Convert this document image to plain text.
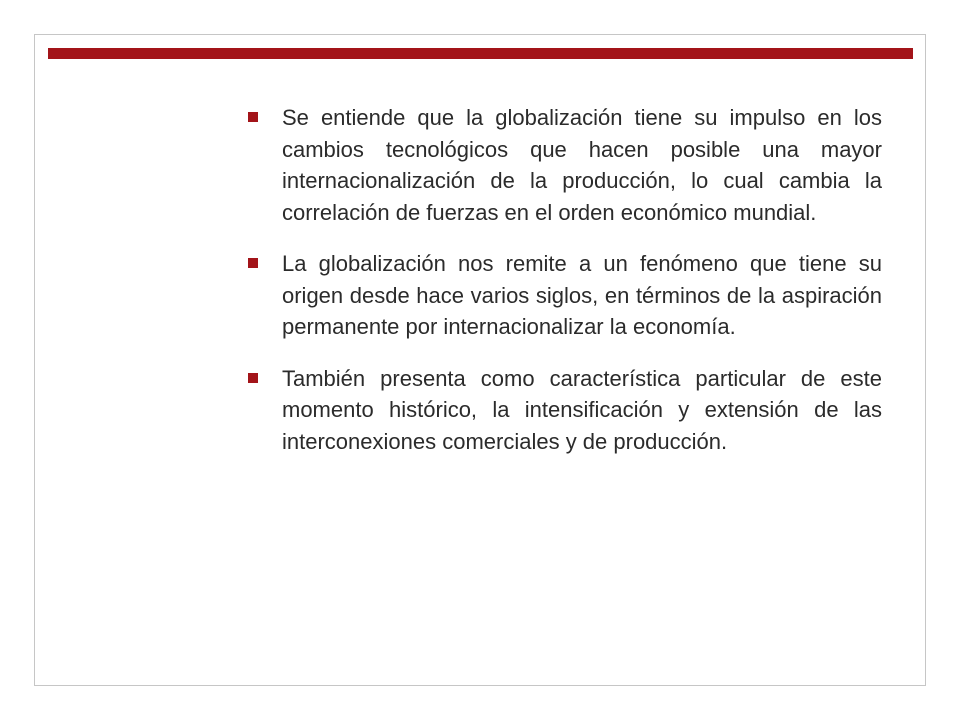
Se entiende que la globalización tiene su impulso en los cambios tecnológicos que hacen posible una mayor internacionalización de la producción, lo cual cambia la correlación de fuerzas en el orden económico mundial.
La globalización nos remite a un fenómeno que tiene su origen desde hace varios siglos, en términos de la aspiración permanente por internacionalizar la economía.
También presenta como característica particular de este momento histórico, la intensificación y extensión de las interconexiones comerciales y de producción.
